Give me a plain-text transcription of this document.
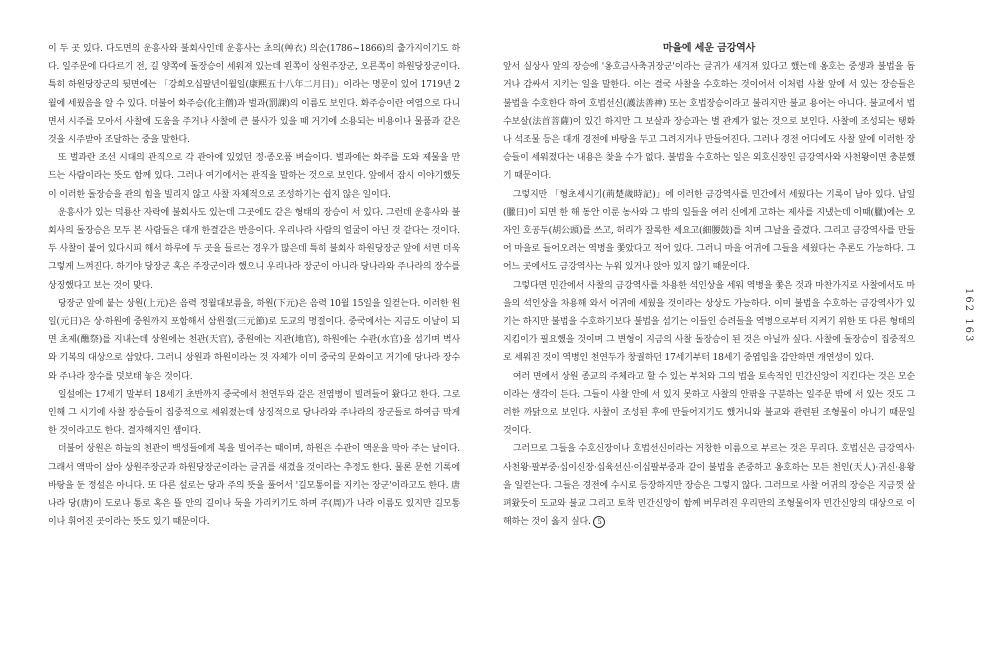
이 두 곳 있다. 다도면의 운흥사와 불회사인데 운흥사는 초의(艸衣) 의순(1786~1866)의 출가지이기도 하다. 일주문에 다다르기 전, 길 양쪽에 돌장승이 세워져 있는데 왼쪽이 상원주장군, 오른쪽이 하원당장군이다. 특히 하원당장군의 뒷면에는 「강희오십팔년이월일(康熙五十八年二月日)」이라는 명문이 있어 1719년 2월에 세웠음을 알 수 있다. 더불어 화주승(化主僧)과 벌과(罰課)의 이름도 보인다. 화주승이란 여염으로 다니면서 시주를 모아서 사찰에 도움을 주거나 사찰에 큰 불사가 있을 때 거기에 소용되는 비용이나 물품과 같은 것을 시주받아 조달하는 중을 말한다.

또 벌과란 조선 시대의 관직으로 각 관아에 있었던 정·종오품 벼슬이다. 벌과에는 화주를 도와 제물을 만드는 사람이라는 뜻도 함께 있다. 그러나 여기에서는 관직을 말하는 것으로 보인다. 앞에서 잠시 이야기했듯이 이러한 돌장승을 관의 힘을 빌리지 않고 사찰 자체적으로 조성하기는 쉽지 않은 일이다.

운흥사가 있는 덕룡산 자락에 불회사도 있는데 그곳에도 같은 형태의 장승이 서 있다. 그런데 운흥사와 불회사의 돌장승은 모두 본 사람들은 대개 한결같은 반응이다. 우리나라 사람의 얼굴이 아닌 것 같다는 것이다. 두 사찰이 붙어 있다시피 해서 하루에 두 곳을 들르는 경우가 많은데 특히 불회사 하원당장군 앞에 서면 더욱 그렇게 느껴진다. 하기야 당장군 혹은 주장군이라 했으니 우리나라 장군이 아니라 당나라와 주나라의 장수를 상징했다고 보는 것이 맞다.

당장군 앞에 붙는 상원(上元)은 음력 정월대보름을, 하원(下元)은 음력 10월 15일을 일컫는다. 이러한 원일(元日)은 상·하원에 중원까지 포함해서 삼원절(三元節)로 도교의 명절이다. 중국에서는 지금도 이날이 되면 초제(醮祭)를 지내는데 상원에는 천관(天官), 중원에는 지관(地官), 하원에는 수관(水官)을 섬기며 벽사와 기복의 대상으로 삼았다. 그러니 상원과 하원이라는 것 자체가 이미 중국의 문화이고 거기에 당나라 장수와 주나라 장수를 덧보태 놓은 것이다.

일설에는 17세기 말부터 18세기 초반까지 중국에서 천연두와 같은 전염병이 빌려들어 왔다고 한다. 그로 인해 그 시기에 사찰 장승들이 집중적으로 세워졌는데 상징적으로 당나라와 주나라의 장군들로 하여금 막게 한 것이라고도 한다. 결자해지인 셈이다.

더불어 상원은 하늘의 천관이 백성들에게 복을 빌어주는 때이며, 하원은 수관이 액운을 막아 주는 날이다. 그래서 액막이 삼아 상원주장군과 하원당장군이라는 글귀를 새겼을 것이라는 추정도 한다. 물론 문헌 기록에 바탕을 둔 정설은 아니다. 또 다른 설로는 당과 주의 뜻을 풀어서 '길모통이를 지키는 장군'이라고도 한다. 唐나라 당(唐)이 도로나 통로 혹은 뜰 안의 길이나 둑을 가리키기도 하며 주(周)가 나라 이름도 있지만 길모통이나 휘어진 곳이라는 뜻도 있기 때문이다.

마을에 세운 금강역사

앞서 실상사 앞의 장승에 '옹호금사축귀장군'이라는 글귀가 새겨져 있다고 했는데 옹호는 중생과 불법을 돕거나 감싸서 지키는 일을 말한다. 이는 결국 사찰을 수호하는 것이어서 이처럼 사찰 앞에 서 있는 장승들은 불법을 수호한다 하여 호법선신(護法善神) 또는 호법장승이라고 불리지만 불교 용어는 아니다. 불교에서 법수보살(法首菩薩)이 있긴 하지만 그 보살과 장승과는 별 관계가 없는 것으로 보인다. 사찰에 조성되는 탱화나 석조물 등은 대개 경전에 바탕을 두고 그려지거나 만들어진다. 그러나 경전 어디에도 사찰 앞에 이러한 장승들이 세워졌다는 내용은 찾을 수가 없다. 불법을 수호하는 일은 외호신장인 금강역사와 사천왕이면 충분했기 때문이다.

그렇지만 「형초세시기(荊楚歲時記)」에 이러한 금강역사를 민간에서 세웠다는 기록이 남아 있다. 납일(臘日)이 되면 한 해 동안 이룬 농사와 그 밖의 일들을 여러 신에게 고하는 제사를 지냈는데 이때(臘)에는 오자인 호공두(胡公頭)를 쓰고, 허리가 잘록한 세요고(細腰鼓)를 치며 그날을 즐겼다. 그리고 금강역사를 만들어 마을로 들어오려는 역병을 쫓았다고 적어 있다. 그러니 마을 어귀에 그들을 세웠다는 추론도 가능하다. 그 어느 곳에서도 금강역사는 누워 있거나 앉아 있지 않기 때문이다.

그렇다면 민간에서 사찰의 금강역사를 차용한 석인상을 세워 역병을 쫓은 것과 마찬가지로 사찰에서도 마을의 석인상을 차용해 와서 어귀에 세웠을 것이라는 상상도 가능하다. 이미 불법을 수호하는 금강역사가 있기는 하지만 불법을 수호하기보다 불법을 섬기는 이들인 승려들을 역병으로부터 지켜기 위한 또 다른 형태의 지킴이가 필요했을 것이며 그 변형이 지금의 사찰 돌장승이 된 것은 아닐까 싶다. 사찰에 돌장승이 집중적으로 세워진 것이 역병인 천연두가 창궐하던 17세기부터 18세기 중엽임을 감안하면 개연성이 있다.

여러 면에서 상원 종교의 주체라고 할 수 있는 부처와 그의 법을 토속적인 민간신앙이 지킨다는 것은 모순이라는 생각이 든다. 그들이 사찰 안에 서 있지 못하고 사찰의 안팎을 구분하는 일주문 밖에 서 있는 것도 그러한 까닭으로 보인다. 사찰이 조성된 후에 만들어지기도 했거니와 불교와 관련된 조형물이 아니기 때문일 것이다.

그러므로 그들을 수호신장이나 호법선신이라는 거창한 이름으로 부르는 것은 무리다. 호법신은 금강역사·사천왕·팔부중·십이신장·십육선신·이십팔부중과 같이 불법을 존중하고 옹호하는 모든 천인(天人)·귀신·용왕을 일컫는다. 그들은 경전에 수시로 등장하지만 장승은 그렇지 않다. 그러므로 사찰 어귀의 장승은 지금껏 살펴왔듯이 도교와 불교 그리고 토착 민간신앙이 함께 버무려진 우리만의 조형물이자 민간신앙의 대상으로 이해하는 것이 옳지 싶다. 5

162 163
